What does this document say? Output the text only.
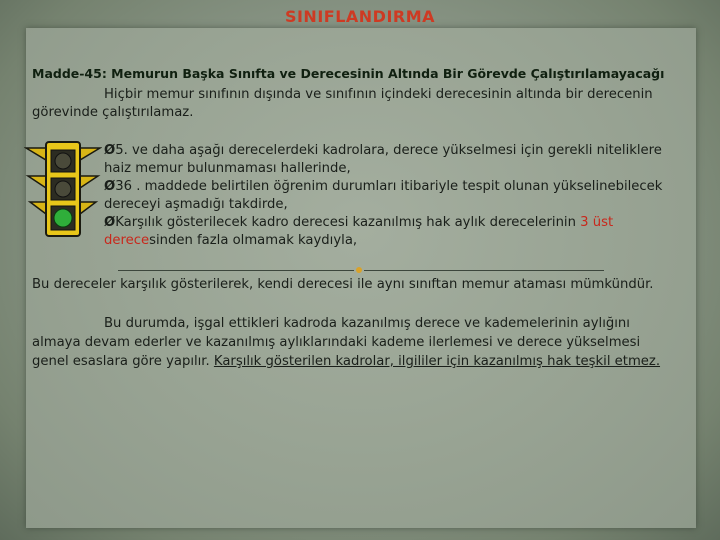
SINIFLANDIRMA
Madde-45: Memurun Başka Sınıfta ve Derecesinin Altında Bir Görevde Çalıştırılamayacağı
Hiçbir memur sınıfının dışında ve sınıfının içindeki derecesinin altında bir derecenin
görevinde çalıştırılamaz.
Ø5. ve daha aşağı derecelerdeki kadrolara, derece yükselmesi için gerekli niteliklere
haiz memur bulunmaması hallerinde,
Ø36 . maddede belirtilen öğrenim durumları itibariyle tespit olunan yükselinebilecek
dereceyi aşmadığı takdirde,
ØKarşılık gösterilecek kadro derecesi kazanılmış hak aylık derecelerinin 3 üst
derecesinden fazla olmamak kaydıyla,
Bu dereceler karşılık gösterilerek, kendi derecesi ile aynı sınıftan memur ataması mümkündür.
Bu durumda, işgal ettikleri kadroda kazanılmış derece ve kademelerinin aylığını
almaya devam ederler ve kazanılmış aylıklarındaki kademe ilerlemesi ve derece yükselmesi
genel esaslara göre yapılır. Karşılık gösterilen kadrolar, ilgililer için kazanılmış hak teşkil etmez.
